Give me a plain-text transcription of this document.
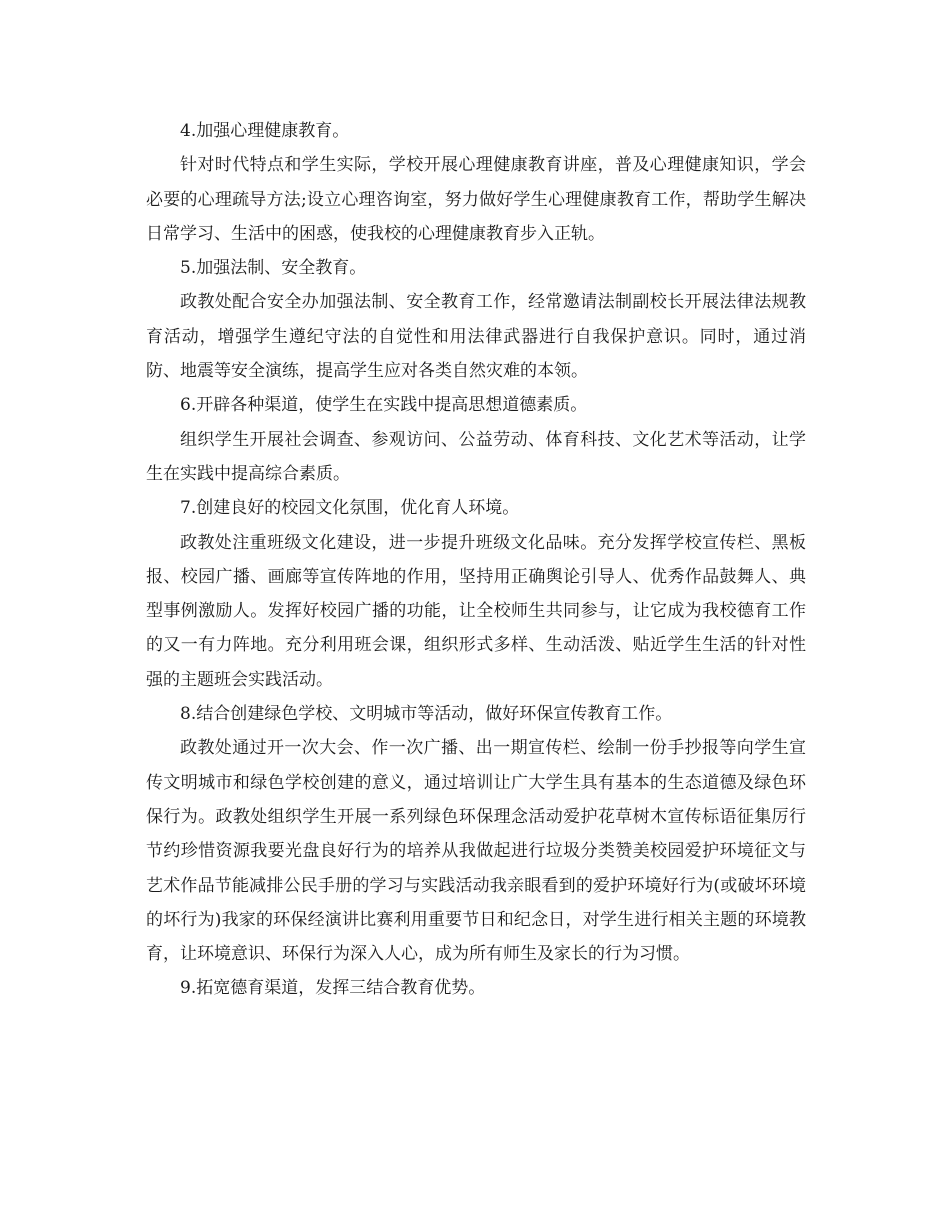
4.加强心理健康教育。

针对时代特点和学生实际，学校开展心理健康教育讲座，普及心理健康知识，学会必要的心理疏导方法;设立心理咨询室，努力做好学生心理健康教育工作，帮助学生解决日常学习、生活中的困惑，使我校的心理健康教育步入正轨。

5.加强法制、安全教育。

政教处配合安全办加强法制、安全教育工作，经常邀请法制副校长开展法律法规教育活动，增强学生遵纪守法的自觉性和用法律武器进行自我保护意识。同时，通过消防、地震等安全演练，提高学生应对各类自然灾难的本领。

6.开辟各种渠道，使学生在实践中提高思想道德素质。

组织学生开展社会调查、参观访问、公益劳动、体育科技、文化艺术等活动，让学生在实践中提高综合素质。

7.创建良好的校园文化氛围，优化育人环境。

政教处注重班级文化建设，进一步提升班级文化品味。充分发挥学校宣传栏、黑板报、校园广播、画廊等宣传阵地的作用，坚持用正确舆论引导人、优秀作品鼓舞人、典型事例激励人。发挥好校园广播的功能，让全校师生共同参与，让它成为我校德育工作的又一有力阵地。充分利用班会课，组织形式多样、生动活泼、贴近学生生活的针对性强的主题班会实践活动。

8.结合创建绿色学校、文明城市等活动，做好环保宣传教育工作。

政教处通过开一次大会、作一次广播、出一期宣传栏、绘制一份手抄报等向学生宣传文明城市和绿色学校创建的意义，通过培训让广大学生具有基本的生态道德及绿色环保行为。政教处组织学生开展一系列绿色环保理念活动爱护花草树木宣传标语征集厉行节约珍惜资源我要光盘良好行为的培养从我做起进行垃圾分类赞美校园爱护环境征文与艺术作品节能减排公民手册的学习与实践活动我亲眼看到的爱护环境好行为(或破坏环境的坏行为)我家的环保经演讲比赛利用重要节日和纪念日，对学生进行相关主题的环境教育，让环境意识、环保行为深入人心，成为所有师生及家长的行为习惯。

9.拓宽德育渠道，发挥三结合教育优势。
